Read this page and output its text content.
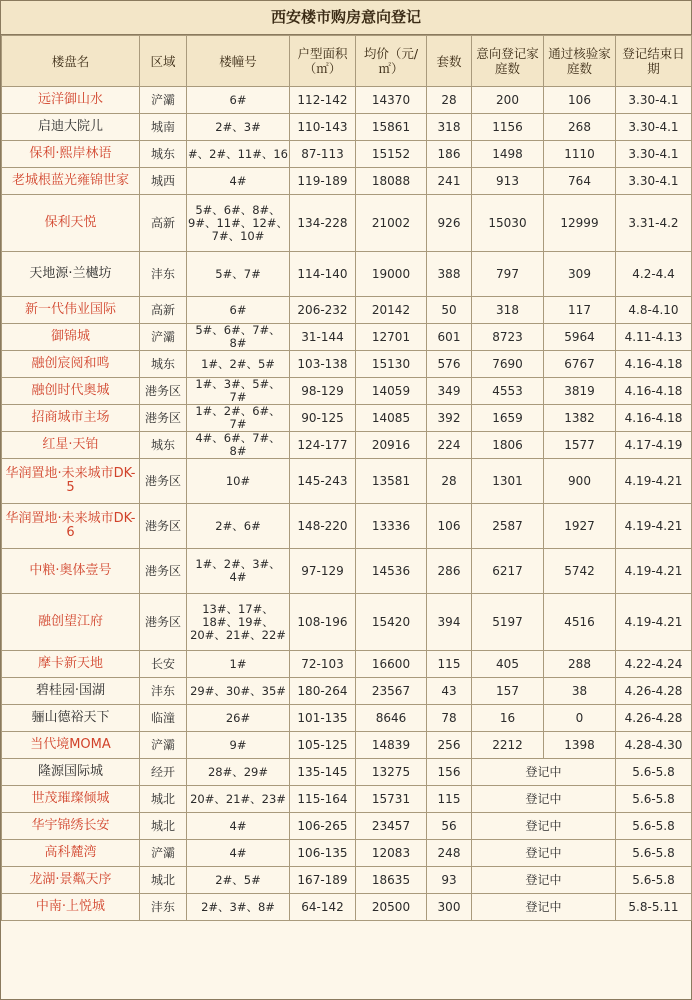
西安楼市购房意向登记
楼盘名	区域	楼幢号	户型面积（㎡）	均价（元/㎡）	套数	意向登记家庭数	通过核验家庭数	登记结束日期
远洋御山水	浐灞	6#	112-142	14370	28	200	106	3.30-4.1
启迪大院儿	城南	2#、3#	110-143	15861	318	1156	268	3.30-4.1
保利·熙岸林语	城东	#、2#、11#、16	87-113	15152	186	1498	1110	3.30-4.1
老城根蓝光雍锦世家	城西	4#	119-189	18088	241	913	764	3.30-4.1
保利天悦	高新	5#、6#、8#、9#、11#、12#、7#、10#	134-228	21002	926	15030	12999	3.31-4.2
天地源·兰樾坊	沣东	5#、7#	114-140	19000	388	797	309	4.2-4.4
新一代伟业国际	高新	6#	206-232	20142	50	318	117	4.8-4.10
御锦城	浐灞	5#、6#、7#、8#	31-144	12701	601	8723	5964	4.11-4.13
融创宸阅和鸣	城东	1#、2#、5#	103-138	15130	576	7690	6767	4.16-4.18
融创时代奥城	港务区	1#、3#、5#、7#	98-129	14059	349	4553	3819	4.16-4.18
招商城市主场	港务区	1#、2#、6#、7#	90-125	14085	392	1659	1382	4.16-4.18
红星·天铂	城东	4#、6#、7#、8#	124-177	20916	224	1806	1577	4.17-4.19
华润置地·未来城市DK-5	港务区	10#	145-243	13581	28	1301	900	4.19-4.21
华润置地·未来城市DK-6	港务区	2#、6#	148-220	13336	106	2587	1927	4.19-4.21
中粮·奥体壹号	港务区	1#、2#、3#、4#	97-129	14536	286	6217	5742	4.19-4.21
融创望江府	港务区	13#、17#、18#、19#、20#、21#、22#	108-196	15420	394	5197	4516	4.19-4.21
摩卡新天地	长安	1#	72-103	16600	115	405	288	4.22-4.24
碧桂园·国湖	沣东	29#、30#、35#	180-264	23567	43	157	38	4.26-4.28
骊山德裕天下	临潼	26#	101-135	8646	78	16	0	4.26-4.28
当代境MOMA	浐灞	9#	105-125	14839	256	2212	1398	4.28-4.30
隆源国际城	经开	28#、29#	135-145	13275	156	登记中		5.6-5.8
世茂璀璨倾城	城北	20#、21#、23#	115-164	15731	115	登记中		5.6-5.8
华宇锦绣长安	城北	4#	106-265	23457	56	登记中		5.6-5.8
高科麓湾	浐灞	4#	106-135	12083	248	登记中		5.6-5.8
龙湖·景粼天序	城北	2#、5#	167-189	18635	93	登记中		5.6-5.8
中南·上悦城	沣东	2#、3#、8#	64-142	20500	300	登记中		5.8-5.11
